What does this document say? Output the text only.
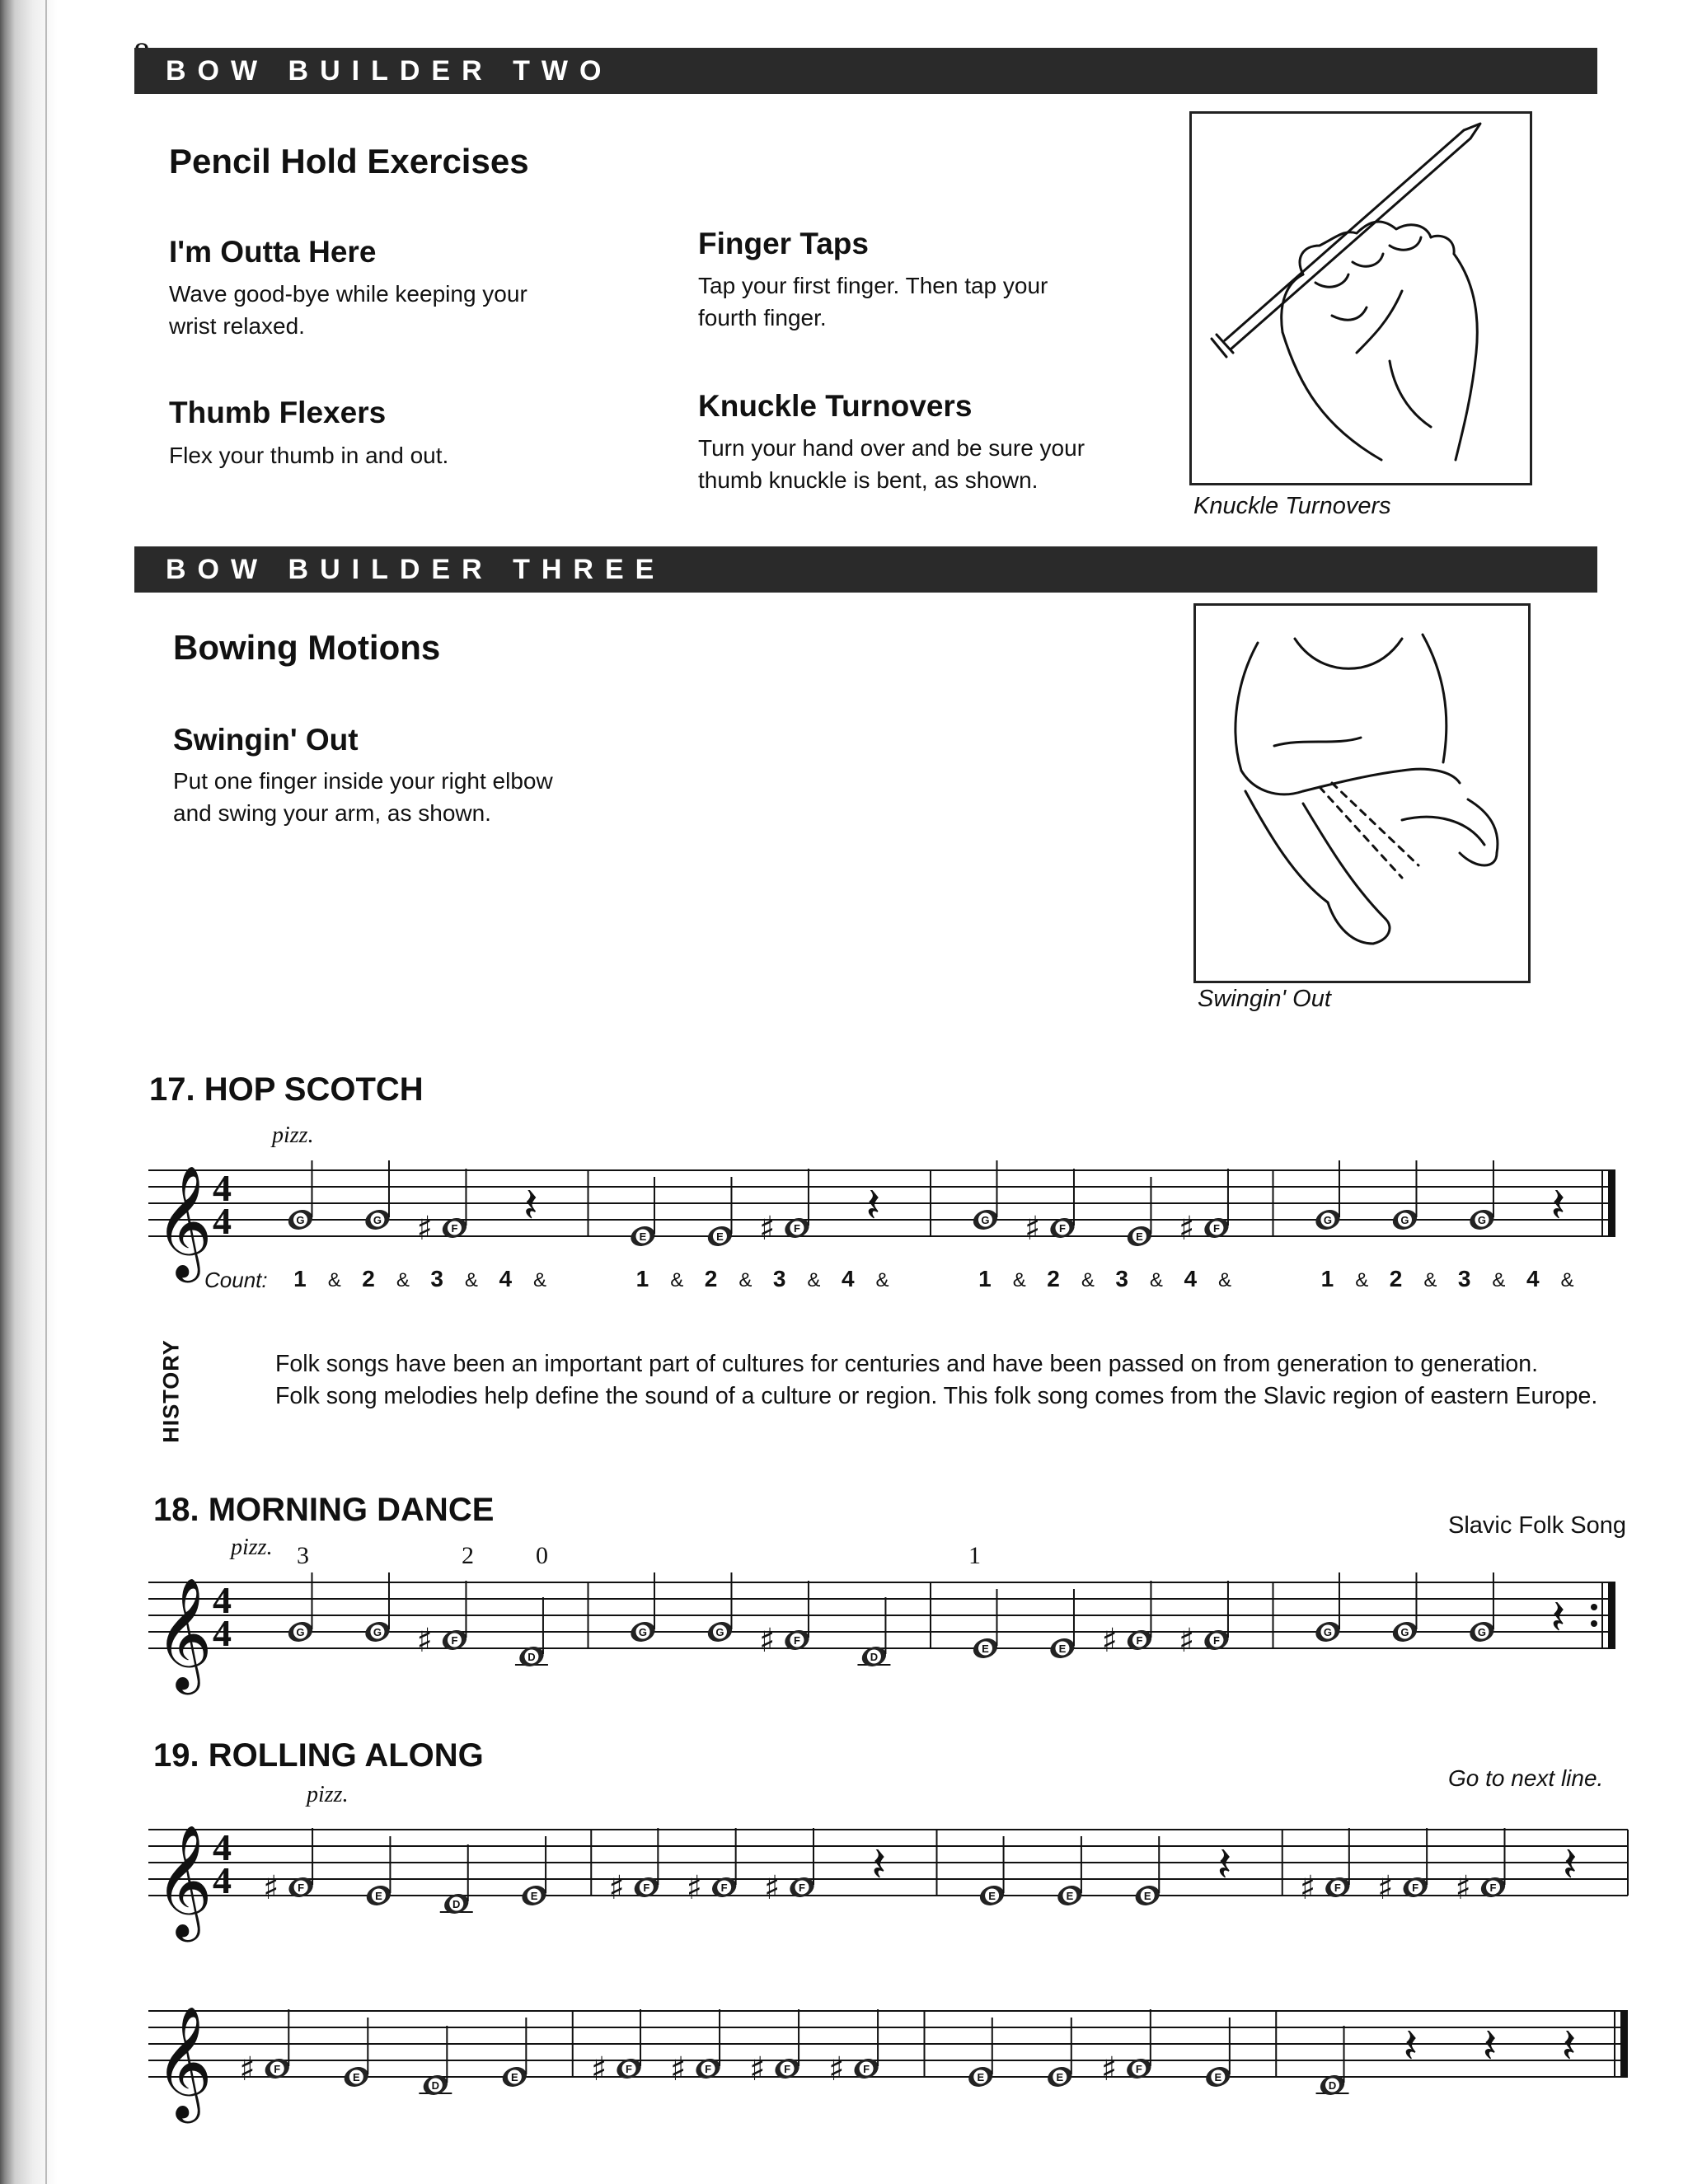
BOW BUILDER TWO
Pencil Hold Exercises
I'm Outta Here
Wave good-bye while keeping your
wrist relaxed.
Finger Taps
Tap your first finger. Then tap your
fourth finger.
Thumb Flexers
Flex your thumb in and out.
Knuckle Turnovers
Turn your hand over and be sure your
thumb knuckle is bent, as shown.
Knuckle Turnovers
BOW BUILDER THREE
Bowing Motions
Swingin' Out
Put one finger inside your right elbow
and swing your arm, as shown.
Swingin' Out
17. HOP SCOTCH
𝄞 4
4	G	G ♯ F 𝄽
E	E ♯ F 𝄽	G ♯ F
E ♯ F
G	G	G 𝄽
pizz.
Count: 1 & 2 & 3 & 4 &	1 & 2 & 3 & 4 &	1 & 2 & 3 & 4 &	1 & 2 & 3 & 4 &
HISTORY	Folk songs have been an important part of cultures for centuries and have been passed on from generation to generation.
Folk song melodies help define the sound of a culture or region. This folk song comes from the Slavic region of eastern Europe.
18. MORNING DANCE	Slavic Folk Song
𝄞 4
4	G	G ♯ F
D
G	G ♯ F
D
E	E ♯ F ♯ F
G	G	G 𝄽
pizz. 3	2	0	1
19. ROLLING ALONG
Go to next line.
𝄞 4
4 ♯ F
E
D
E ♯ F ♯ F ♯ F 𝄽
E	E	E
𝄽 ♯ F ♯ F ♯ F 𝄽
pizz.
𝄞 ♯ F
E
D
E ♯ F ♯ F ♯ F ♯ F
E	E ♯ F
E
D
𝄽 𝄽 𝄽
